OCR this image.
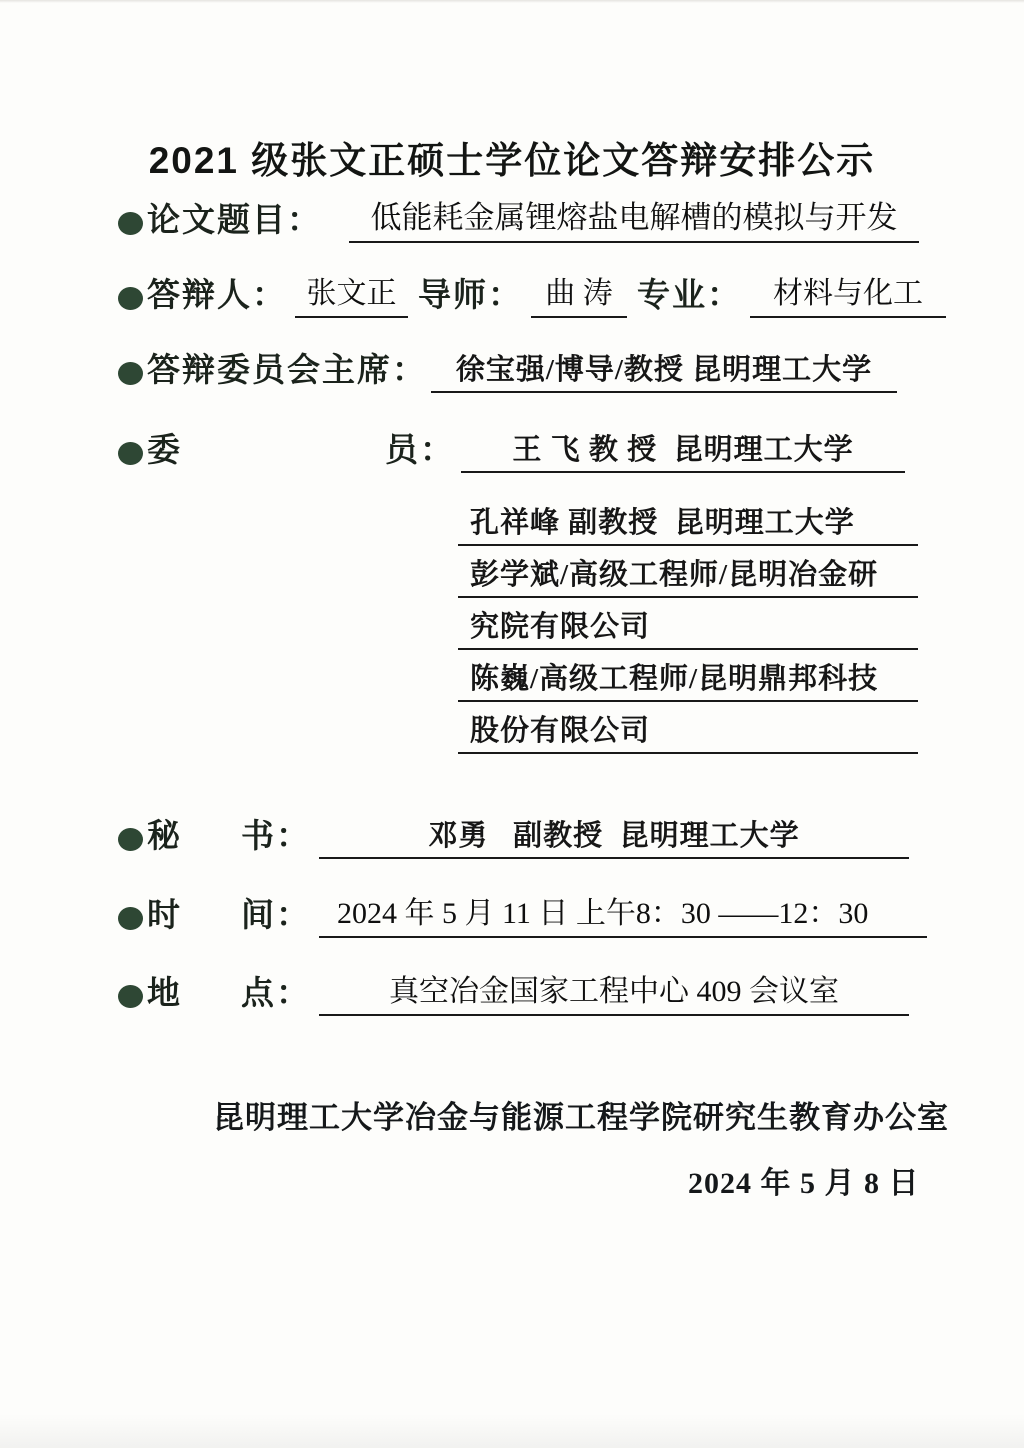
2021 级张文正硕士学位论文答辩安排公示
论文题目：	低能耗金属锂熔盐电解槽的模拟与开发
答辩人： 张文正 导师： 曲 涛 专业：	材料与化工
答辩委员会主席： 徐宝强/博导/教授 昆明理工大学
委	员：	王 飞 教 授  昆明理工大学
孔祥峰 副教授  昆明理工大学
彭学斌/高级工程师/昆明冶金研
究院有限公司
陈巍/高级工程师/昆明鼎邦科技
股份有限公司
秘 书：	邓勇   副教授  昆明理工大学
时 间： 2024 年 5 月 11 日 上午8：30 ——12：30
地 点：	真空冶金国家工程中心 409 会议室
昆明理工大学冶金与能源工程学院研究生教育办公室
2024 年 5 月 8 日
